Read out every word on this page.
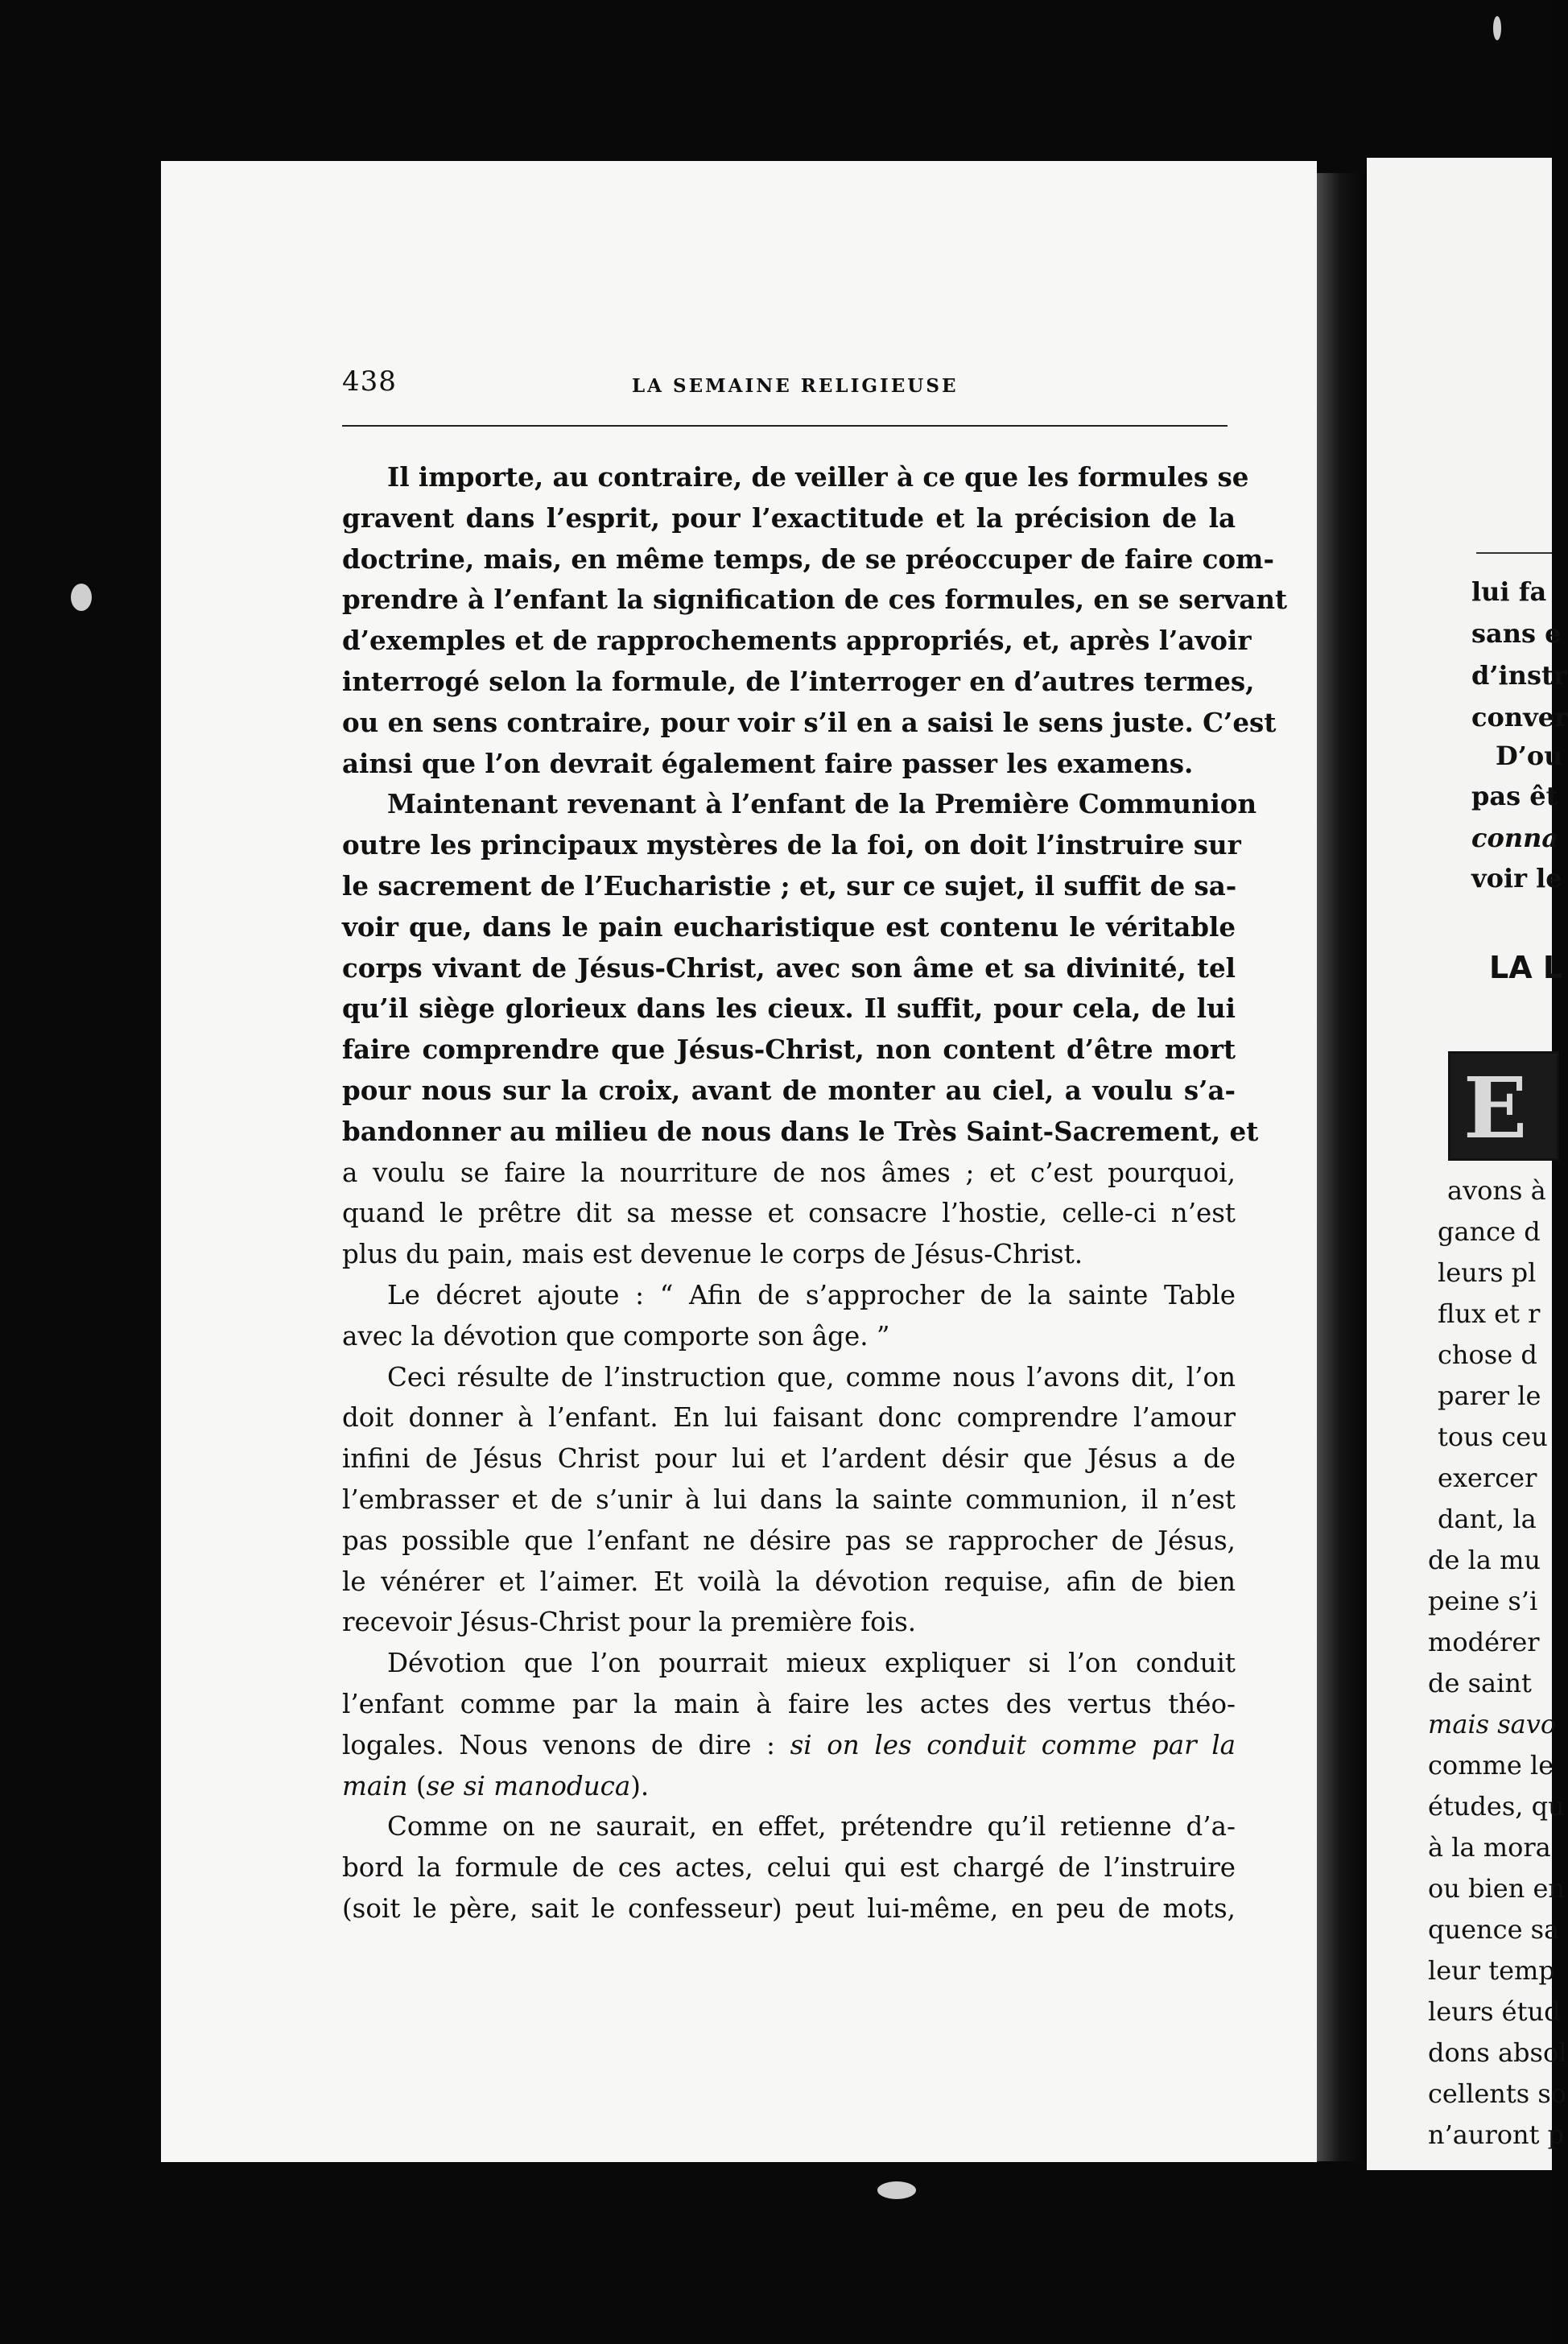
438	LA SEMAINE RELIGIEUSE
Il importe, au contraire, de veiller à ce que les formules se
gravent dans l’esprit, pour l’exactitude et la précision de la
doctrine, mais, en même temps, de se préoccuper de faire com-
prendre à l’enfant la signification de ces formules, en se servant
d’exemples et de rapprochements appropriés, et, après l’avoir
interrogé selon la formule, de l’interroger en d’autres termes,
ou en sens contraire, pour voir s’il en a saisi le sens juste. C’est
ainsi que l’on devrait également faire passer les examens.
Maintenant revenant à l’enfant de la Première Communion
outre les principaux mystères de la foi, on doit l’instruire sur
le sacrement de l’Eucharistie ; et, sur ce sujet, il suffit de sa-
voir que, dans le pain eucharistique est contenu le véritable
corps vivant de Jésus-Christ, avec son âme et sa divinité, tel
qu’il siège glorieux dans les cieux. Il suffit, pour cela, de lui
faire comprendre que Jésus-Christ, non content d’être mort
pour nous sur la croix, avant de monter au ciel, a voulu s’a-
bandonner au milieu de nous dans le Très Saint-Sacrement, et
a voulu se faire la nourriture de nos âmes ; et c’est pourquoi,
quand le prêtre dit sa messe et consacre l’hostie, celle-ci n’est
plus du pain, mais est devenue le corps de Jésus-Christ.
Le décret ajoute : “ Afin de s’approcher de la sainte Table
avec la dévotion que comporte son âge. ”
Ceci résulte de l’instruction que, comme nous l’avons dit, l’on
doit donner à l’enfant. En lui faisant donc comprendre l’amour
infini de Jésus Christ pour lui et l’ardent désir que Jésus a de
l’embrasser et de s’unir à lui dans la sainte communion, il n’est
pas possible que l’enfant ne désire pas se rapprocher de Jésus,
le vénérer et l’aimer. Et voilà la dévotion requise, afin de bien
recevoir Jésus-Christ pour la première fois.
Dévotion que l’on pourrait mieux expliquer si l’on conduit
l’enfant comme par la main à faire les actes des vertus théo-
logales. Nous venons de dire : si on les conduit comme par la
main (se si manoduca).
Comme on ne saurait, en effet, prétendre qu’il retienne d’a-
bord la formule de ces actes, celui qui est chargé de l’instruire
(soit le père, sait le confesseur) peut lui-même, en peu de mots,
lui fa
sans e
d’instr
conver
D’ou
pas êt
conna
voir le
LA L
E
avons à
gance d
leurs pl
flux et r
chose d
parer le
tous ceu
exercer
dant, la
de la mu
peine s’i
modérer
de saint
mais savo
comme le
études, qu
à la mora
ou bien en
quence sa
leur temp
leurs étud
dons absol
cellents so
n’auront p
